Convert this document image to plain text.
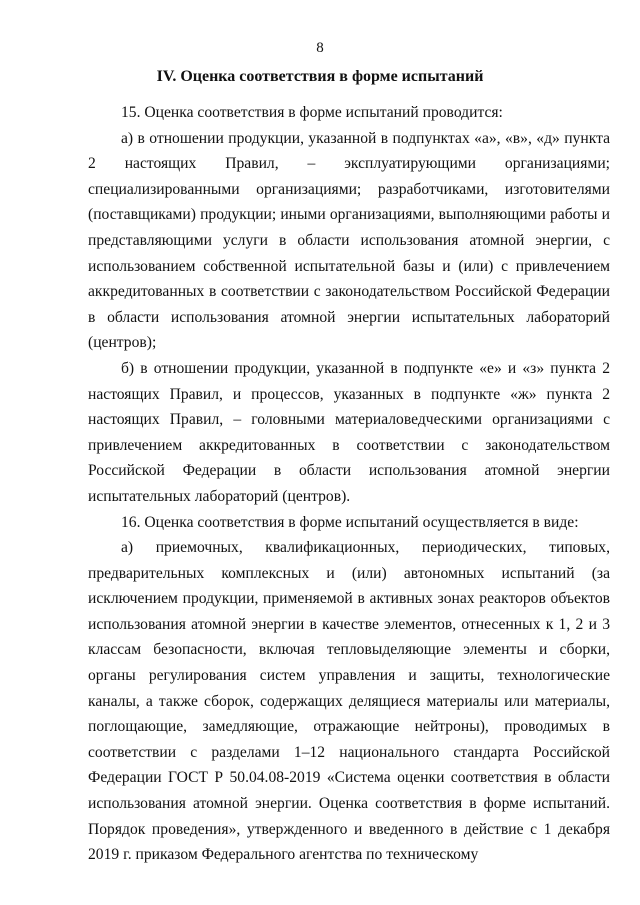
8
IV. Оценка соответствия в форме испытаний

15. Оценка соответствия в форме испытаний проводится:

а) в отношении продукции, указанной в подпунктах «а», «в», «д» пункта 2 настоящих Правил, – эксплуатирующими организациями; специализированными организациями; разработчиками, изготовителями (поставщиками) продукции; иными организациями, выполняющими работы и представляющими услуги в области использования атомной энергии, с использованием собственной испытательной базы и (или) с привлечением аккредитованных в соответствии с законодательством Российской Федерации в области использования атомной энергии испытательных лабораторий (центров);

б) в отношении продукции, указанной в подпункте «е» и «з» пункта 2 настоящих Правил, и процессов, указанных в подпункте «ж» пункта 2 настоящих Правил, – головными материаловедческими организациями с привлечением аккредитованных в соответствии с законодательством Российской Федерации в области использования атомной энергии испытательных лабораторий (центров).

16. Оценка соответствия в форме испытаний осуществляется в виде:

а) приемочных, квалификационных, периодических, типовых, предварительных комплексных и (или) автономных испытаний (за исключением продукции, применяемой в активных зонах реакторов объектов использования атомной энергии в качестве элементов, отнесенных к 1, 2 и 3 классам безопасности, включая тепловыделяющие элементы и сборки, органы регулирования систем управления и защиты, технологические каналы, а также сборок, содержащих делящиеся материалы или материалы, поглощающие, замедляющие, отражающие нейтроны), проводимых в соответствии с разделами 1–12 национального стандарта Российской Федерации ГОСТ Р 50.04.08-2019 «Система оценки соответствия в области использования атомной энергии. Оценка соответствия в форме испытаний. Порядок проведения», утвержденного и введенного в действие с 1 декабря 2019 г. приказом Федерального агентства по техническому
